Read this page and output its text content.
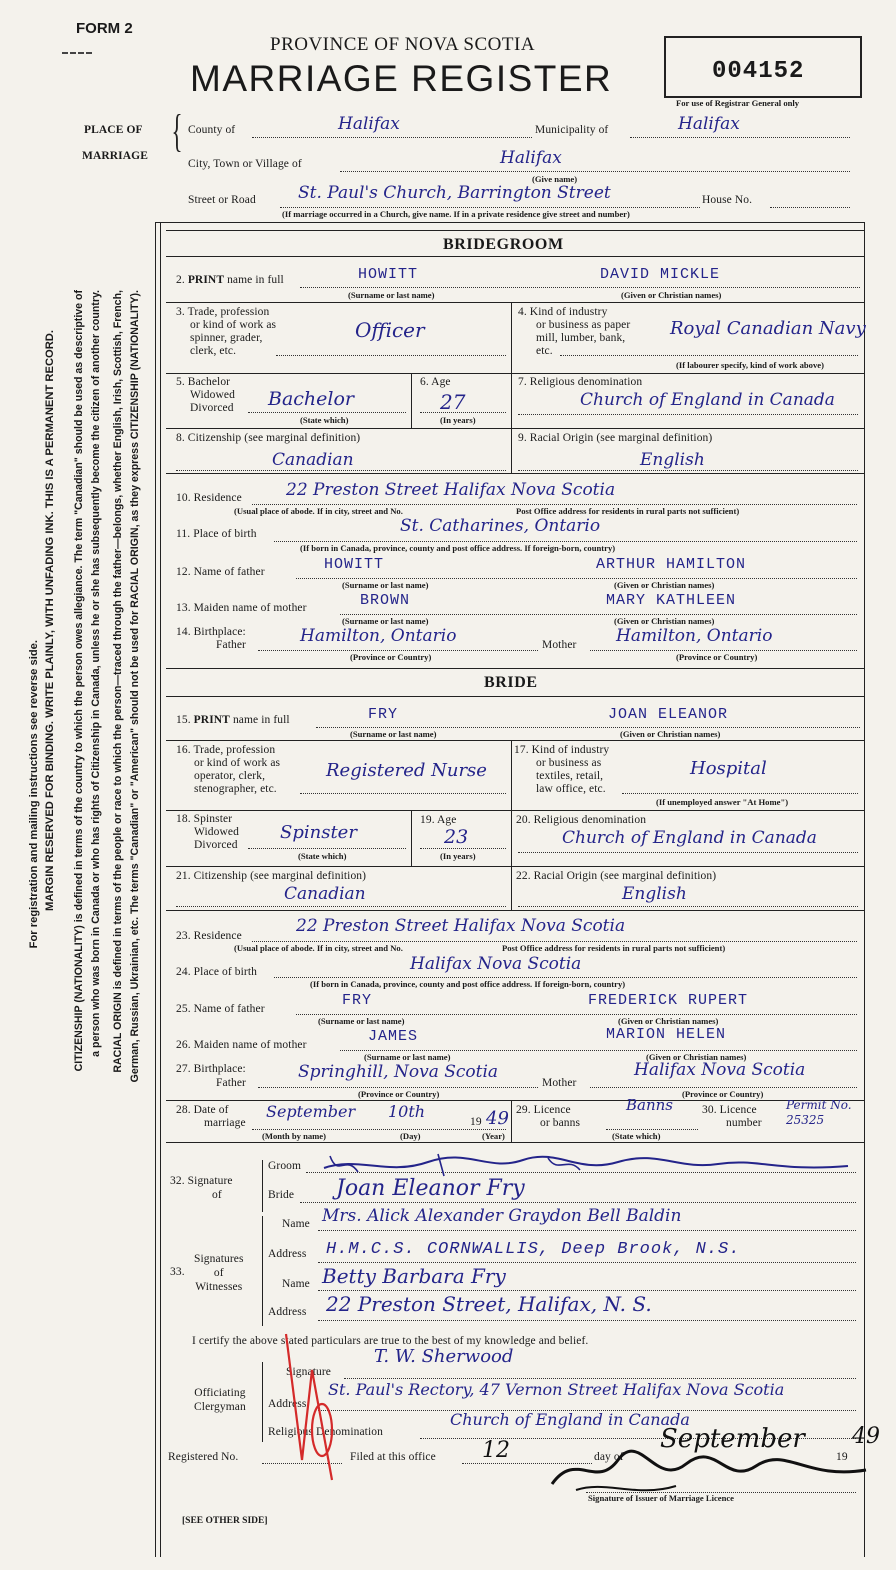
FORM 2
PROVINCE OF NOVA SCOTIA
MARRIAGE REGISTER	004152
For use of Registrar General only
For registration and mailing instructions see reverse side. MARGIN RESERVED FOR BINDING. WRITE PLAINLY, WITH UNFADING INK. THIS IS A PERMANENT RECORD. CITIZENSHIP (NATIONALITY) is defined in terms of the country to which the person owes allegiance. The term "Canadian" should be used as descriptive of a person who was born in Canada or who has rights of Citizenship in Canada, unless he or she has subsequently become the citizen of another country. RACIAL ORIGIN is defined in terms of the people or race to which the person—traced through the father—belongs, whether English, Irish, Scottish, French, German, Russian, Ukrainian, etc. The terms "Canadian" or "American" should not be used for RACIAL ORIGIN, as they express CITIZENSHIP (NATIONALITY).
PLACE OF
MARRIAGE { County of	Halifax	Municipality of	Halifax
City, Town or Village of	Halifax
(Give name)
Street or Road St. Paul's Church, Barrington Street	House No.
(If marriage occurred in a Church, give name. If in a private residence give street and number)
BRIDEGROOM
2. PRINT name in full	HOWITT	DAVID MICKLE
(Surname or last name)	(Given or Christian names)
3. Trade, profession
or kind of work as
spinner, grader,
clerk, etc.
Officer
4. Kind of industry
or business as paper
mill, lumber, bank,
etc.
Royal Canadian Navy
(If labourer specify, kind of work above)
5. Bachelor
Widowed
Divorced Bachelor
(State which)
6. Age
27
(In years)
7. Religious denomination
Church of England in Canada
8. Citizenship (see marginal definition)
Canadian
9. Racial Origin (see marginal definition)
English
10. Residence	22 Preston Street Halifax Nova Scotia
(Usual place of abode. If in city, street and No.	Post Office address for residents in rural parts not sufficient)
11. Place of birth	St. Catharines, Ontario
(If born in Canada, province, county and post office address. If foreign-born, country)
12. Name of father	HOWITT	ARTHUR HAMILTON
(Surname or last name)	(Given or Christian names)
13. Maiden name of mother	BROWN	MARY KATHLEEN
(Surname or last name)	(Given or Christian names)
14. Birthplace:
Father	Hamilton, Ontario	Mother Hamilton, Ontario
(Province or Country)	(Province or Country)
BRIDE
15. PRINT name in full	FRY	JOAN ELEANOR
(Surname or last name)	(Given or Christian names)
16. Trade, profession
or kind of work as
operator, clerk,
stenographer, etc.
Registered Nurse
17. Kind of industry
or business as
textiles, retail,
law office, etc.
Hospital
(If unemployed answer "At Home")
18. Spinster
Widowed
Divorced
Spinster
(State which)
19. Age
23
(In years)
20. Religious denomination
Church of England in Canada
21. Citizenship (see marginal definition)
Canadian
22. Racial Origin (see marginal definition)
English
23. Residence	22 Preston Street Halifax Nova Scotia
(Usual place of abode. If in city, street and No.	Post Office address for residents in rural parts not sufficient)
24. Place of birth	Halifax Nova Scotia
(If born in Canada, province, county and post office address. If foreign-born, country)
25. Name of father	FRY	FREDERICK RUPERT
(Surname or last name)	(Given or Christian names)
26. Maiden name of mother	JAMES	MARION HELEN
(Surname or last name)	(Given or Christian names)
27. Birthplace:
Father
Springhill, Nova Scotia
Mother
Halifax Nova Scotia
(Province or Country)	(Province or Country)
28. Date of
marriage
September 10th
19 49
(Month by name)	(Day)	(Year)
29. Licence
or banns
Banns
(State which)
30. Licence
number
Permit No. 25325
32. Signature
of
Groom
Bride Joan Eleanor Fry
Signatures
of
Witnesses
33.
Name Mrs. Alick Alexander Graydon Bell Baldin
Address H.M.C.S. CORNWALLIS, Deep Brook, N.S.
Name Betty Barbara Fry
Address 22 Preston Street, Halifax, N. S.
I certify the above stated particulars are true to the best of my knowledge and belief.
T. W. Sherwood
Officiating
Clergyman
Signature
Address
St. Paul's Rectory, 47 Vernon Street Halifax Nova Scotia
Religious Denomination
Church of England in Canada
Registered No.	Filed at this office 12	day of
September
19
49
Signature of Issuer of Marriage Licence
[SEE OTHER SIDE]
